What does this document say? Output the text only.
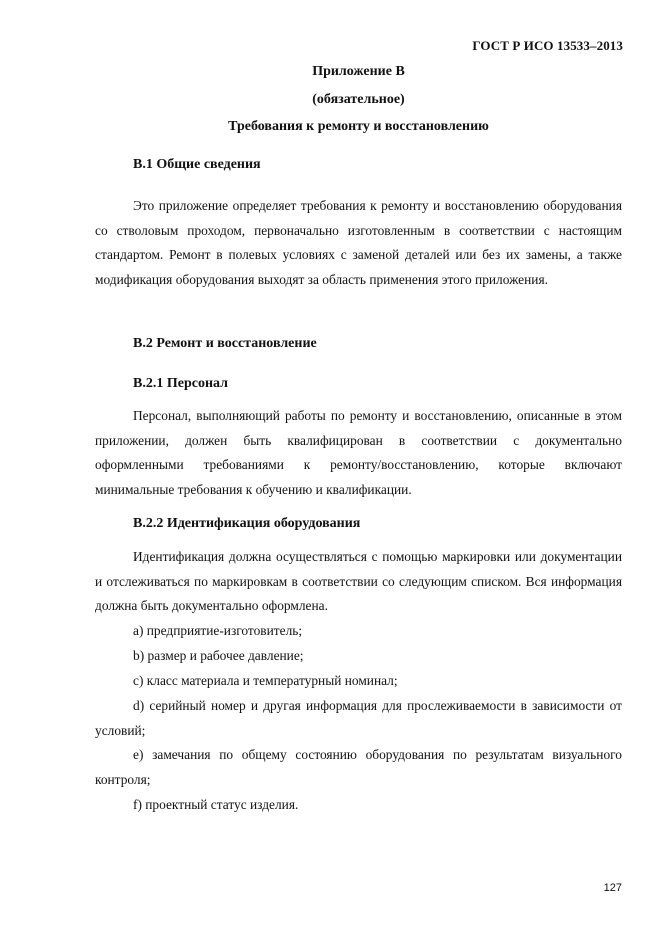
ГОСТ Р ИСО 13533–2013
Приложение В
(обязательное)
Требования к ремонту и восстановлению
В.1 Общие сведения
Это приложение определяет требования к ремонту и восстановлению оборудования со стволовым проходом, первоначально изготовленным в соответствии с настоящим стандартом. Ремонт в полевых условиях с заменой деталей или без их замены, а также модификация оборудования выходят за область применения этого приложения.
В.2 Ремонт и восстановление
В.2.1 Персонал
Персонал, выполняющий работы по ремонту и восстановлению, описанные в этом приложении, должен быть квалифицирован в соответствии с документально оформленными требованиями к ремонту/восстановлению, которые включают минимальные требования к обучению и квалификации.
В.2.2 Идентификация оборудования
Идентификация должна осуществляться с помощью маркировки или документации и отслеживаться по маркировкам в соответствии со следующим списком. Вся информация должна быть документально оформлена.
a) предприятие-изготовитель;
b) размер и рабочее давление;
c) класс материала и температурный номинал;
d) серийный номер и другая информация для прослеживаемости в зависимости от условий;
e) замечания по общему состоянию оборудования по результатам визуального контроля;
f) проектный статус изделия.
127
